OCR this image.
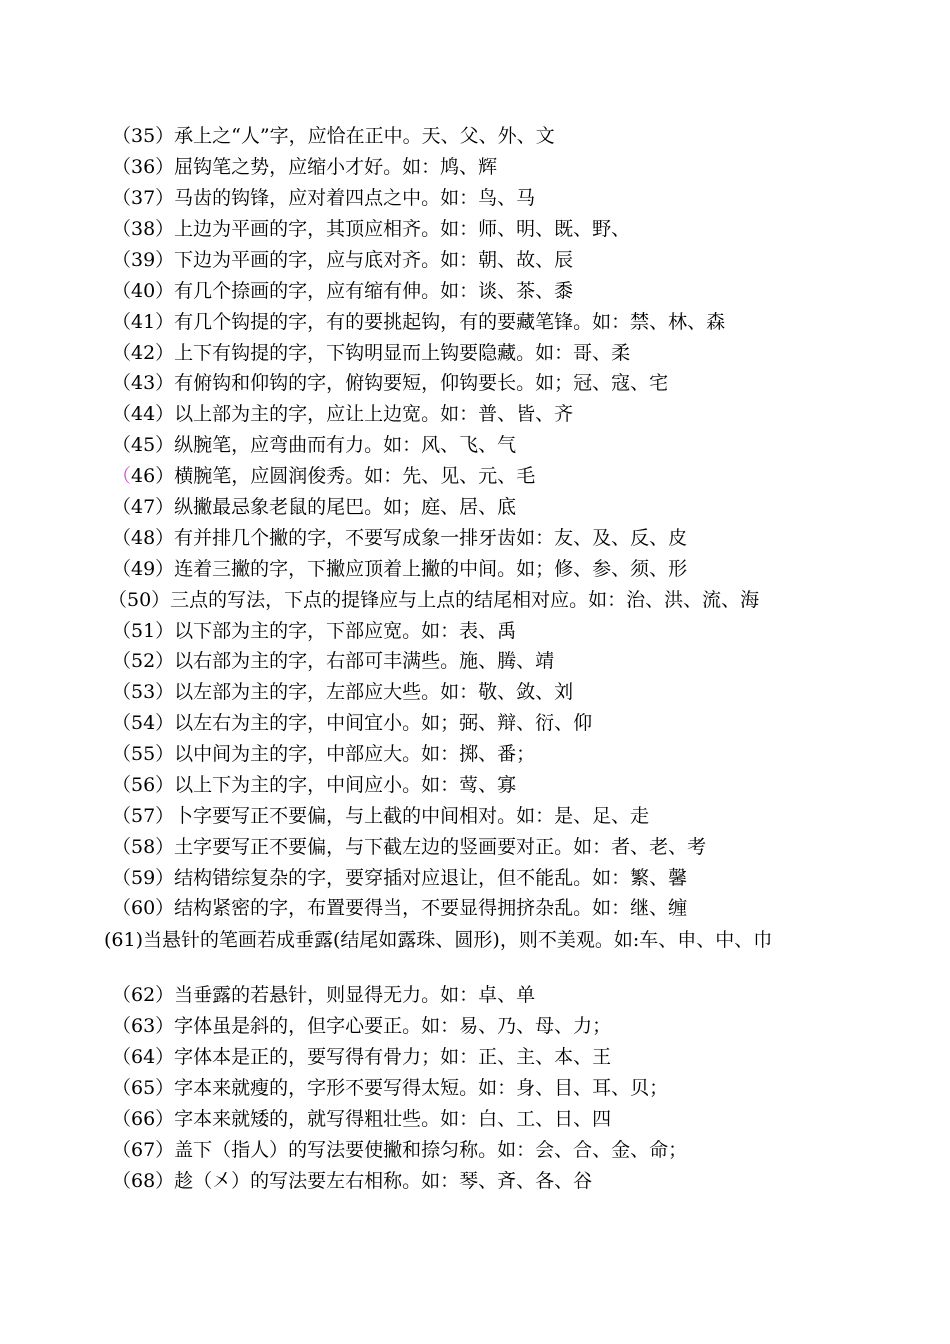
（35）承上之“人”字，应恰在正中。天、父、外、文
（36）屈钩笔之势，应缩小才好。如：鸠、辉
（37）马齿的钩锋，应对着四点之中。如：鸟、马
（38）上边为平画的字，其顶应相齐。如：师、明、既、野、
（39）下边为平画的字，应与底对齐。如：朝、故、辰
（40）有几个捺画的字，应有缩有伸。如：谈、茶、黍
（41）有几个钩提的字，有的要挑起钩，有的要藏笔锋。如：禁、林、森
（42）上下有钩提的字，下钩明显而上钩要隐藏。如：哥、柔
（43）有俯钩和仰钩的字，俯钩要短，仰钩要长。如；冠、寇、宅
（44）以上部为主的字，应让上边宽。如：普、皆、齐
（45）纵腕笔，应弯曲而有力。如：风、飞、气
（46）横腕笔，应圆润俊秀。如：先、见、元、毛
（47）纵撇最忌象老鼠的尾巴。如；庭、居、底
（48）有并排几个撇的字，不要写成象一排牙齿如：友、及、反、皮
（49）连着三撇的字，下撇应顶着上撇的中间。如；修、参、须、形
（50）三点的写法，下点的提锋应与上点的结尾相对应。如：治、洪、流、海
（51）以下部为主的字，下部应宽。如：表、禹
（52）以右部为主的字，右部可丰满些。施、腾、靖
（53）以左部为主的字，左部应大些。如：敬、敛、刘
（54）以左右为主的字，中间宜小。如；弼、辩、衍、仰
（55）以中间为主的字，中部应大。如：掷、番；
（56）以上下为主的字，中间应小。如：莺、寡
（57）卜字要写正不要偏，与上截的中间相对。如：是、足、走
（58）土字要写正不要偏，与下截左边的竖画要对正。如：者、老、考
（59）结构错综复杂的字，要穿插对应退让，但不能乱。如：繁、馨
（60）结构紧密的字，布置要得当，不要显得拥挤杂乱。如：继、缠
(61)当悬针的笔画若成垂露(结尾如露珠、圆形)，则不美观。如:车、申、中、巾
（62）当垂露的若悬针，则显得无力。如：卓、单
（63）字体虽是斜的，但字心要正。如：易、乃、母、力；
（64）字体本是正的，要写得有骨力；如：正、主、本、王
（65）字本来就瘦的，字形不要写得太短。如：身、目、耳、贝；
（66）字本来就矮的，就写得粗壮些。如：白、工、日、四
（67）盖下（指人）的写法要使撇和捺匀称。如：会、合、金、命；
（68）趁（㐅）的写法要左右相称。如：琴、斉、各、谷
